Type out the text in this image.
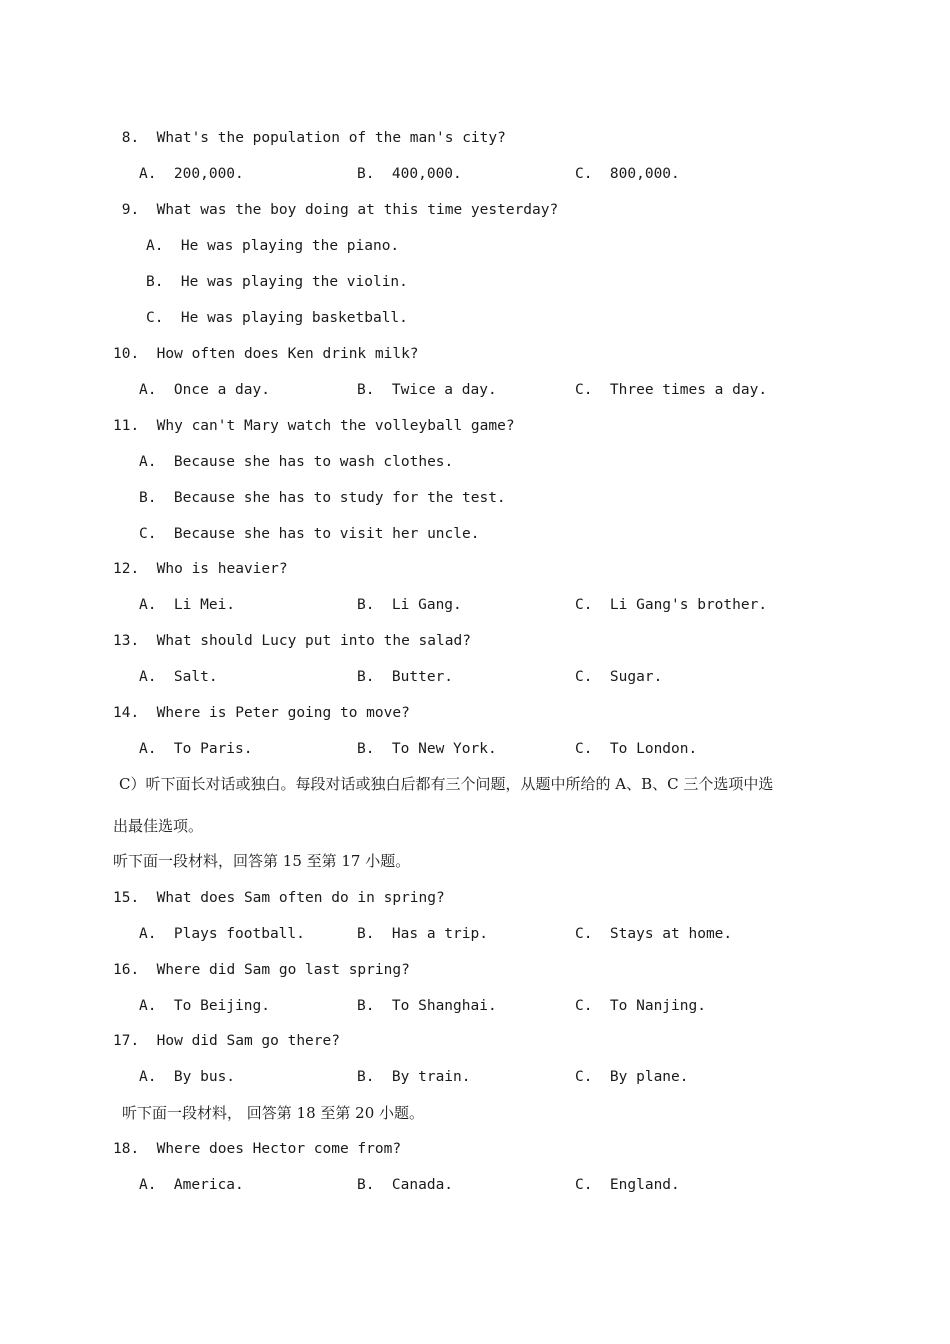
8.  What's the population of the man's city?
A.  200,000.	B.  400,000.	C.  800,000.
9.  What was the boy doing at this time yesterday?
A.  He was playing the piano.
B.  He was playing the violin.
C.  He was playing basketball.
10.  How often does Ken drink milk?
A.  Once a day.	B.  Twice a day.	C.  Three times a day.
11.  Why can't Mary watch the volleyball game?
A.  Because she has to wash clothes.
B.  Because she has to study for the test.
C.  Because she has to visit her uncle.
12.  Who is heavier?
A.  Li Mei.	B.  Li Gang.	C.  Li Gang's brother.
13.  What should Lucy put into the salad?
A.  Salt.	B.  Butter.	C.  Sugar.
14.  Where is Peter going to move?
A.  To Paris.	B.  To New York.	C.  To London.
C）听下面长对话或独白。每段对话或独白后都有三个问题，从题中所给的 A、B、C 三个选项中选
出最佳选项。
听下面一段材料，回答第 15 至第 17 小题。
15.  What does Sam often do in spring?
A.  Plays football.	B.  Has a trip.	C.  Stays at home.
16.  Where did Sam go last spring?
A.  To Beijing.	B.  To Shanghai.	C.  To Nanjing.
17.  How did Sam go there?
A.  By bus.	B.  By train.	C.  By plane.
听下面一段材料， 回答第 18 至第 20 小题。
18.  Where does Hector come from?
A.  America.	B.  Canada.	C.  England.
